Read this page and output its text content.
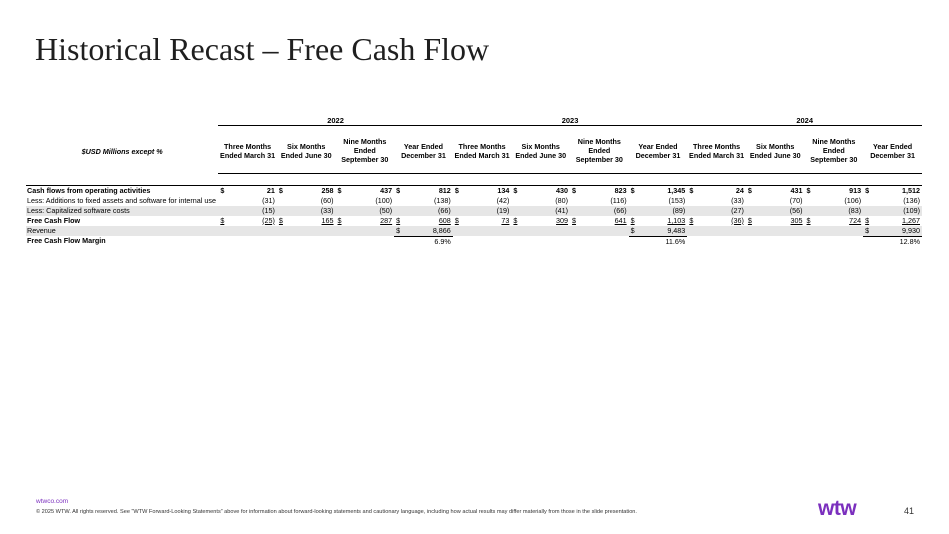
Historical Recast – Free Cash Flow
	2022								2023								2024							

$USD Millions except %	Three Months Ended March 31		Six Months Ended June 30		Nine Months Ended September 30		Year Ended December 31		Three Months Ended March 31		Six Months Ended June 30		Nine Months Ended September 30		Year Ended December 31		Three Months Ended March 31		Six Months Ended June 30		Nine Months Ended September 30		Year Ended December 31	

Cash flows from operating activities	$	21	$	258	$	437	$	812	$	134	$	430	$	823	$	1,345	$	24	$	431	$	913	$	1,512
Less: Additions to fixed assets and software for internal use		(31)		(60)		(100)		(138)		(42)		(80)		(116)		(153)		(33)		(70)		(106)		(136)
Less: Capitalized software costs		(15)		(33)		(50)		(66)		(19)		(41)		(66)		(89)		(27)		(56)		(83)		(109)
Free Cash Flow	$	(25)	$	165	$	287	$	608	$	73	$	309	$	641	$	1,103	$	(36)	$	305	$	724	$	1,267
Revenue							$	8,866							$	9,483							$	9,930
Free Cash Flow Margin								6.9%								11.6%								12.8%
wtwco.com
© 2025 WTW. All rights reserved. See “WTW Forward-Looking Statements” above for information about forward-looking statements and cautionary language, including how actual results may differ materially from those in the slide presentation.	wtw	41
